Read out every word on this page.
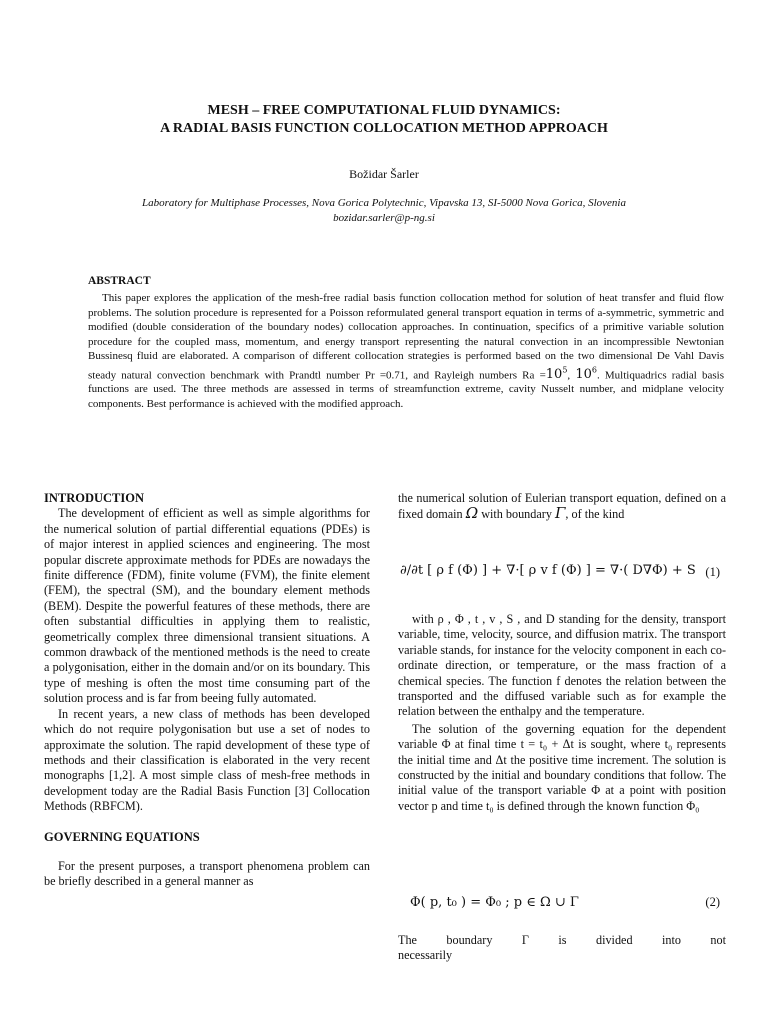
MESH – FREE COMPUTATIONAL FLUID DYNAMICS:
A RADIAL BASIS FUNCTION COLLOCATION METHOD APPROACH
Božidar Šarler
Laboratory for Multiphase Processes, Nova Gorica Polytechnic, Vipavska 13, SI-5000 Nova Gorica, Slovenia
bozidar.sarler@p-ng.si
ABSTRACT

This paper explores the application of the mesh-free radial basis function collocation method for solution of heat transfer and fluid flow problems. The solution procedure is represented for a Poisson reformulated general transport equation in terms of a-symmetric, symmetric and modified (double consideration of the boundary nodes) collocation approaches. In continuation, specifics of a primitive variable solution procedure for the coupled mass, momentum, and energy transport representing the natural convection in an incompressible Newtonian Bussinesq fluid are elaborated. A comparison of different collocation strategies is performed based on the two dimensional De Vahl Davis steady natural convection benchmark with Prandtl number Pr =0.71, and Rayleigh numbers $Ra =10^5$, $10^6$. Multiquadrics radial basis functions are used. The three methods are assessed in terms of streamfunction extreme, cavity Nusselt number, and midplane velocity components. Best performance is achieved with the modified approach.

INTRODUCTION

The development of efficient as well as simple algorithms for the numerical solution of partial differential equations (PDEs) is of major interest in applied sciences and engineering. The most popular discrete approximate methods for PDEs are nowadays the finite difference (FDM), finite volume (FVM), the finite element (FEM), the spectral (SM), and the boundary element methods (BEM). Despite the powerful features of these methods, there are often substantial difficulties in applying them to realistic, geometrically complex three dimensional transient situations. A common drawback of the mentioned methods is the need to create a polygonisation, either in the domain and/or on its boundary. This type of meshing is often the most time consuming part of the solution process and is far from beeing fully automated.

In recent years, a new class of methods has been developed which do not require polygonisation but use a set of nodes to approximate the solution. The rapid development of these type of methods and their classification is elaborated in the very recent monographs [1,2]. A most simple class of mesh-free methods in development today are the Radial Basis Function [3] Collocation Methods (RBFCM).

GOVERNING EQUATIONS

For the present purposes, a transport phenomena problem can be briefly described in a general manner as

the numerical solution of Eulerian transport equation, defined on a fixed domain Ω with boundary Γ, of the kind
∂/∂t [ ρ f (Φ) ] + ∇·[ ρ v f (Φ) ] = ∇·( D∇Φ) + S (1)

with ρ , Φ , t , v , S , and D standing for the density, transport variable, time, velocity, source, and diffusion matrix. The transport variable stands, for instance for the velocity component in each co-ordinate direction, or temperature, or the mass fraction of a chemical species. The function f denotes the relation between the transported and the diffused variable such as for example the relation between the enthalpy and the temperature.

The solution of the governing equation for the dependent variable Φ at final time t = t₀ + Δt is sought, where t₀ represents the initial time and Δt the positive time increment. The solution is constructed by the initial and boundary conditions that follow. The initial value of the transport variable Φ at a point with position vector p and time t₀ is defined through the known function Φ₀

Φ( p, t₀ ) = Φ₀ ; p ∈ Ω ∪ Γ	(2)
The boundary Γ is divided into not necessarily
